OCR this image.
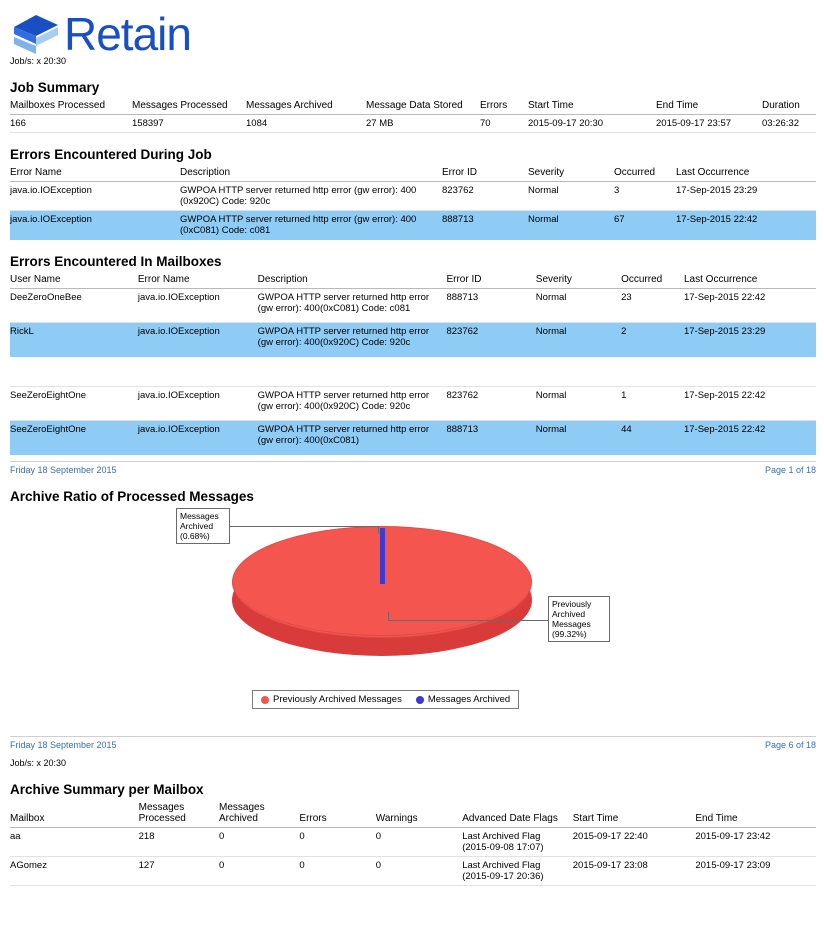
Retain
Job/s: x 20:30
Job Summary
Mailboxes Processed	Messages Processed	Messages Archived	Message Data Stored	Errors	Start Time	End Time	Duration
166	158397	1084	27 MB	70	2015-09-17 20:30	2015-09-17 23:57	03:26:32
Errors Encountered During Job
Error Name	Description	Error ID	Severity	Occurred	Last Occurrence
java.io.IOException	GWPOA HTTP server returned http error (gw error): 400 (0x920C) Code: 920c	823762	Normal	3	17-Sep-2015 23:29
java.io.IOException	GWPOA HTTP server returned http error (gw error): 400 (0xC081) Code: c081	888713	Normal	67	17-Sep-2015 22:42
Errors Encountered In Mailboxes
User Name	Error Name	Description	Error ID	Severity	Occurred	Last Occurrence
DeeZeroOneBee	java.io.IOException	GWPOA HTTP server returned http error (gw error): 400(0xC081) Code: c081	888713	Normal	23	17-Sep-2015 22:42
RickL	java.io.IOException	GWPOA HTTP server returned http error (gw error): 400(0x920C) Code: 920c	823762	Normal	2	17-Sep-2015 23:29

SeeZeroEightOne	java.io.IOException	GWPOA HTTP server returned http error (gw error): 400(0x920C) Code: 920c	823762	Normal	1	17-Sep-2015 22:42
SeeZeroEightOne	java.io.IOException	GWPOA HTTP server returned http error (gw error): 400(0xC081)	888713	Normal	44	17-Sep-2015 22:42
Friday 18 September 2015	Page 1 of 18
Archive Ratio of Processed Messages
Messages
Archived
(0.68%)
Previously
Archived
Messages
(99.32%)
Previously Archived Messages	Messages Archived
Friday 18 September 2015	Page 6 of 18
Job/s: x 20:30
Archive Summary per Mailbox
Mailbox	Messages Processed	Messages Archived	Errors	Warnings	Advanced Date Flags	Start Time	End Time
aa	218	0	0	0	Last Archived Flag (2015-09-08 17:07)	2015-09-17 22:40	2015-09-17 23:42
AGomez	127	0	0	0	Last Archived Flag (2015-09-17 20:36)	2015-09-17 23:08	2015-09-17 23:09
